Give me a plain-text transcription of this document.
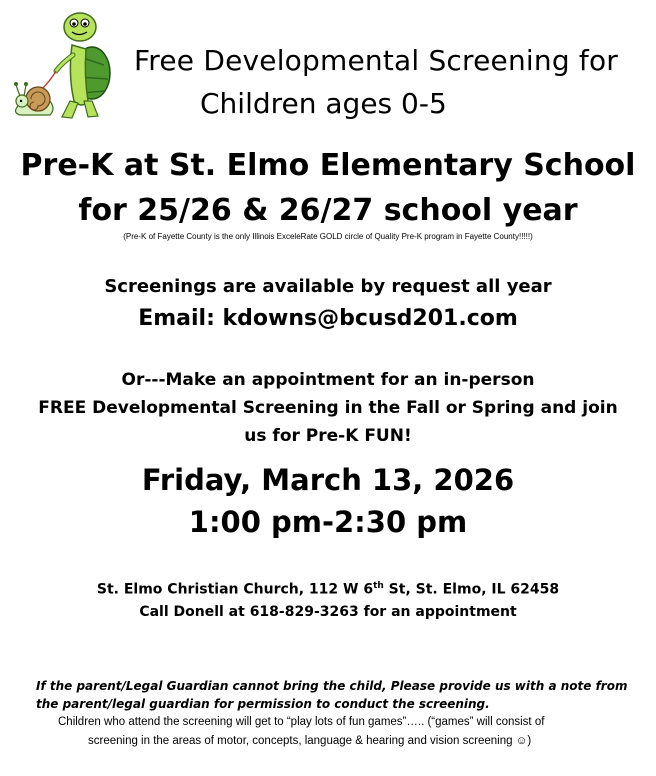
Free Developmental Screening for
Children ages 0-5
Pre-K at St. Elmo Elementary School
for 25/26 & 26/27 school year
(Pre-K of Fayette County is the only Illinois ExceleRate GOLD circle of Quality Pre-K program in Fayette County!!!!!)
Screenings are available by request all year
Email: kdowns@bcusd201.com
Or---Make an appointment for an in-person
FREE Developmental Screening in the Fall or Spring and join
us for Pre-K FUN!
Friday, March 13, 2026
1:00 pm-2:30 pm
St. Elmo Christian Church, 112 W 6th St, St. Elmo, IL 62458
Call Donell at 618-829-3263 for an appointment
If the parent/Legal Guardian cannot bring the child, Please provide us with a note from
the parent/legal guardian for permission to conduct the screening.
Children who attend the screening will get to “play lots of fun games”….. (“games” will consist of
screening in the areas of motor, concepts, language & hearing and vision screening ☺)
